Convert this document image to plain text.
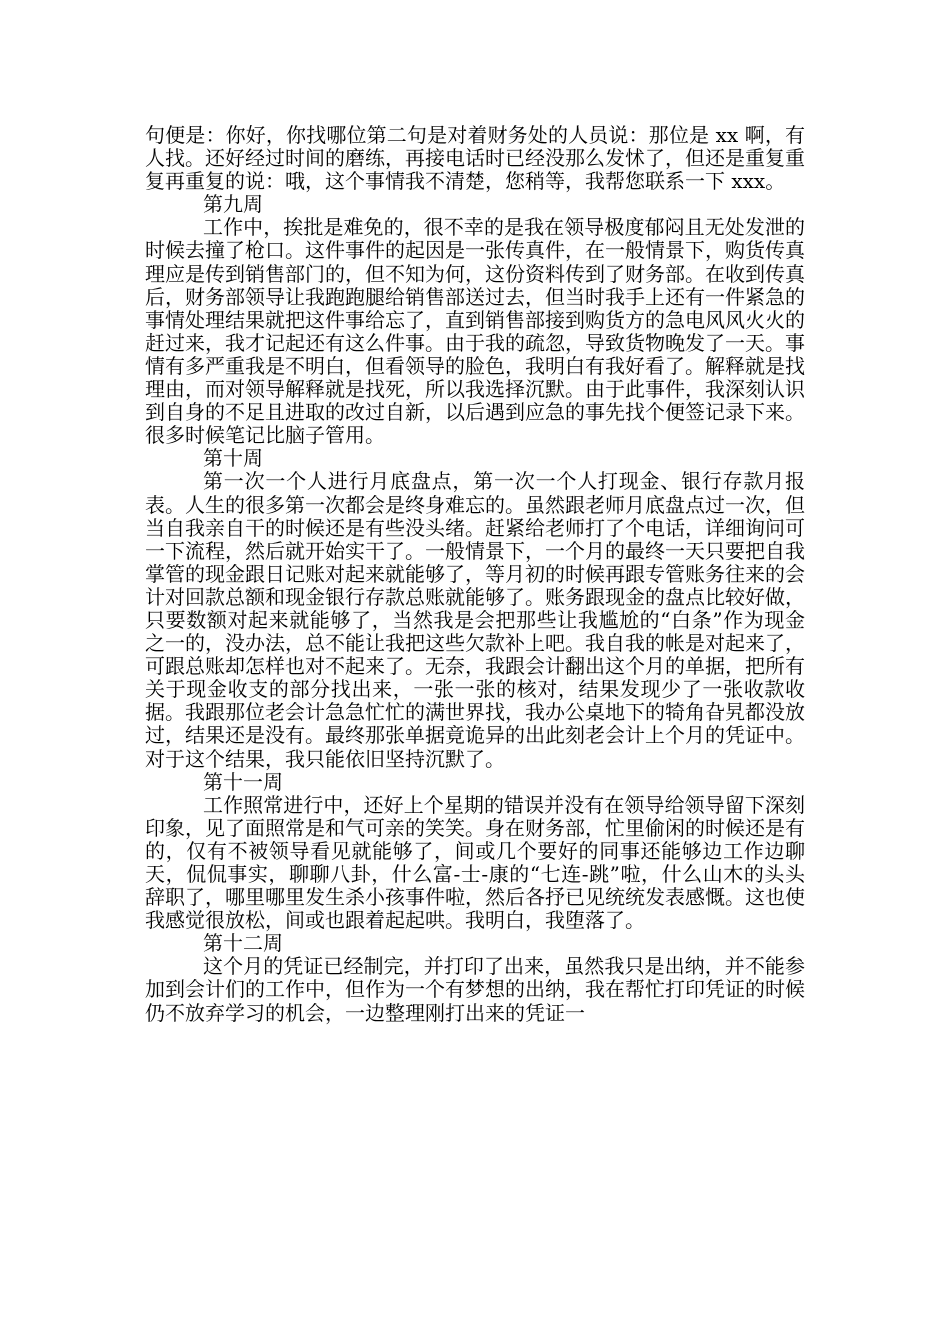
句便是：你好，你找哪位第二句是对着财务处的人员说：那位是 xx 啊，有人找。还好经过时间的磨练，再接电话时已经没那么发怵了，但还是重复重复再重复的说：哦，这个事情我不清楚，您稍等，我帮您联系一下 xxx。

第九周

工作中，挨批是难免的，很不幸的是我在领导极度郁闷且无处发泄的时候去撞了枪口。这件事件的起因是一张传真件，在一般情景下，购货传真理应是传到销售部门的，但不知为何，这份资料传到了财务部。在收到传真后，财务部领导让我跑跑腿给销售部送过去，但当时我手上还有一件紧急的事情处理结果就把这件事给忘了，直到销售部接到购货方的急电风风火火的赶过来，我才记起还有这么件事。由于我的疏忽，导致货物晚发了一天。事情有多严重我是不明白，但看领导的脸色，我明白有我好看了。解释就是找理由，而对领导解释就是找死，所以我选择沉默。由于此事件，我深刻认识到自身的不足且进取的改过自新，以后遇到应急的事先找个便签记录下来。很多时候笔记比脑子管用。

第十周

第一次一个人进行月底盘点，第一次一个人打现金、银行存款月报表。人生的很多第一次都会是终身难忘的。虽然跟老师月底盘点过一次，但当自我亲自干的时候还是有些没头绪。赶紧给老师打了个电话，详细询问可一下流程，然后就开始实干了。一般情景下，一个月的最终一天只要把自我掌管的现金跟日记账对起来就能够了，等月初的时候再跟专管账务往来的会计对回款总额和现金银行存款总账就能够了。账务跟现金的盘点比较好做，只要数额对起来就能够了，当然我是会把那些让我尴尬的“白条”作为现金之一的，没办法，总不能让我把这些欠款补上吧。我自我的帐是对起来了，可跟总账却怎样也对不起来了。无奈，我跟会计翻出这个月的单据，把所有关于现金收支的部分找出来，一张一张的核对，结果发现少了一张收款收据。我跟那位老会计急急忙忙的满世界找，我办公桌地下的犄角旮旯都没放过，结果还是没有。最终那张单据竟诡异的出此刻老会计上个月的凭证中。对于这个结果，我只能依旧坚持沉默了。

第十一周

工作照常进行中，还好上个星期的错误并没有在领导给领导留下深刻印象，见了面照常是和气可亲的笑笑。身在财务部，忙里偷闲的时候还是有的，仅有不被领导看见就能够了，间或几个要好的同事还能够边工作边聊天，侃侃事实，聊聊八卦，什么富-士-康的“七连-跳”啦，什么山木的头头辞职了，哪里哪里发生杀小孩事件啦，然后各抒已见统统发表感慨。这也使我感觉很放松，间或也跟着起起哄。我明白，我堕落了。

第十二周

这个月的凭证已经制完，并打印了出来，虽然我只是出纳，并不能参加到会计们的工作中，但作为一个有梦想的出纳，我在帮忙打印凭证的时候仍不放弃学习的机会，一边整理刚打出来的凭证一
